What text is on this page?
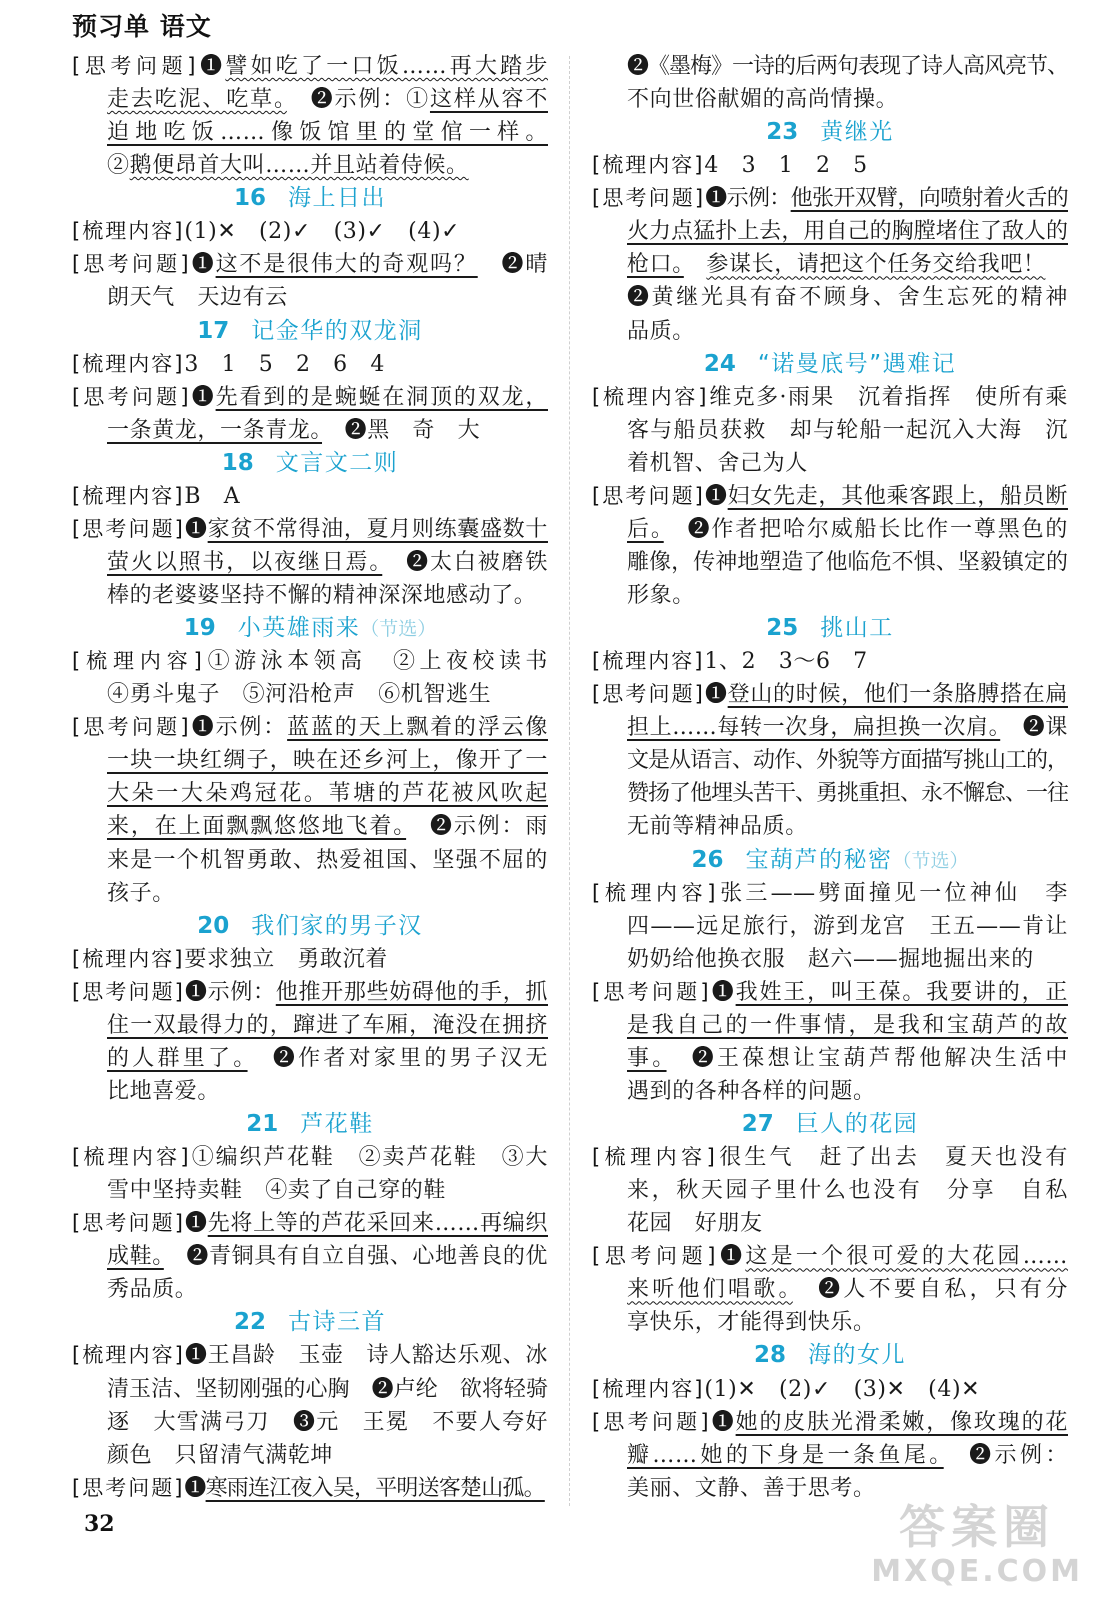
预习单 语文
[思考问题]❶譬如吃了一口饭……再大踏步
走去吃泥、吃草。　❷示例：①这样从容不
迫地吃饭……像饭馆里的堂倌一样。
②鹅便昂首大叫……并且站着侍候。
16 海上日出
[梳理内容](1)✕　(2)✓　(3)✓　(4)✓
[思考问题]❶这不是很伟大的奇观吗？　❷晴
朗天气　天边有云
17 记金华的双龙洞
[梳理内容]3　1　5　2　6　4
[思考问题]❶先看到的是蜿蜒在洞顶的双龙，
一条黄龙，一条青龙。　❷黑　奇　大
18 文言文二则
[梳理内容]B　A
[思考问题]❶家贫不常得油，夏月则练囊盛数十
萤火以照书，以夜继日焉。　❷太白被磨铁
棒的老婆婆坚持不懈的精神深深地感动了。
19 小英雄雨来（节选）
[梳理内容]①游泳本领高　②上夜校读书
④勇斗鬼子　⑤河沿枪声　⑥机智逃生
[思考问题]❶示例：蓝蓝的天上飘着的浮云像
一块一块红绸子，映在还乡河上，像开了一
大朵一大朵鸡冠花。苇塘的芦花被风吹起
来，在上面飘飘悠悠地飞着。　❷示例：雨
来是一个机智勇敢、热爱祖国、坚强不屈的
孩子。
20 我们家的男子汉
[梳理内容]要求独立　勇敢沉着
[思考问题]❶示例：他推开那些妨碍他的手，抓
住一双最得力的，蹿进了车厢，淹没在拥挤
的人群里了。　❷作者对家里的男子汉无
比地喜爱。
21 芦花鞋
[梳理内容]①编织芦花鞋　②卖芦花鞋　③大
雪中坚持卖鞋　④卖了自己穿的鞋
[思考问题]❶先将上等的芦花采回来……再编织
成鞋。　❷青铜具有自立自强、心地善良的优
秀品质。
22 古诗三首
[梳理内容]❶王昌龄　玉壶　诗人豁达乐观、冰
清玉洁、坚韧刚强的心胸　❷卢纶　欲将轻骑
逐　大雪满弓刀　❸元　王冕　不要人夸好
颜色　只留清气满乾坤
[思考问题]❶寒雨连江夜入吴，平明送客楚山孤。
❷《墨梅》一诗的后两句表现了诗人高风亮节、
不向世俗献媚的高尚情操。
23 黄继光
[梳理内容]4　3　1　2　5
[思考问题]❶示例：他张开双臂，向喷射着火舌的
火力点猛扑上去，用自己的胸膛堵住了敌人的
枪口。　 参谋长，请把这个任务交给我吧！
❷黄继光具有奋不顾身、舍生忘死的精神
品质。
24 “诺曼底号”遇难记
[梳理内容]维克多·雨果　沉着指挥　使所有乘
客与船员获救　却与轮船一起沉入大海　沉
着机智、舍己为人
[思考问题]❶妇女先走，其他乘客跟上，船员断
后。　❷作者把哈尔威船长比作一尊黑色的
雕像，传神地塑造了他临危不惧、坚毅镇定的
形象。
25 挑山工
[梳理内容]1、2　3～6　7
[思考问题]❶登山的时候，他们一条胳膊搭在扁
担上……每转一次身，扁担换一次肩。　❷课
文是从语言、动作、外貌等方面描写挑山工的，
赞扬了他埋头苦干、勇挑重担、永不懈怠、一往
无前等精神品质。
26 宝葫芦的秘密（节选）
[梳理内容]张三——劈面撞见一位神仙　李
四——远足旅行，游到龙宫　王五——肯让
奶奶给他换衣服　赵六——掘地掘出来的
[思考问题]❶我姓王，叫王葆。我要讲的，正
是我自己的一件事情，是我和宝葫芦的故
事。　❷王葆想让宝葫芦帮他解决生活中
遇到的各种各样的问题。
27 巨人的花园
[梳理内容]很生气　赶了出去　夏天也没有
来，秋天园子里什么也没有　分享　自私
花园　好朋友
[思考问题]❶这是一个很可爱的大花园……
来听他们唱歌。　❷人不要自私，只有分
享快乐，才能得到快乐。
28 海的女儿
[梳理内容](1)✕　(2)✓　(3)✕　(4)✕
[思考问题]❶她的皮肤光滑柔嫩，像玫瑰的花
瓣……她的下身是一条鱼尾。　❷示例：
美丽、文静、善于思考。
32	答案圈
MXQE.COM
